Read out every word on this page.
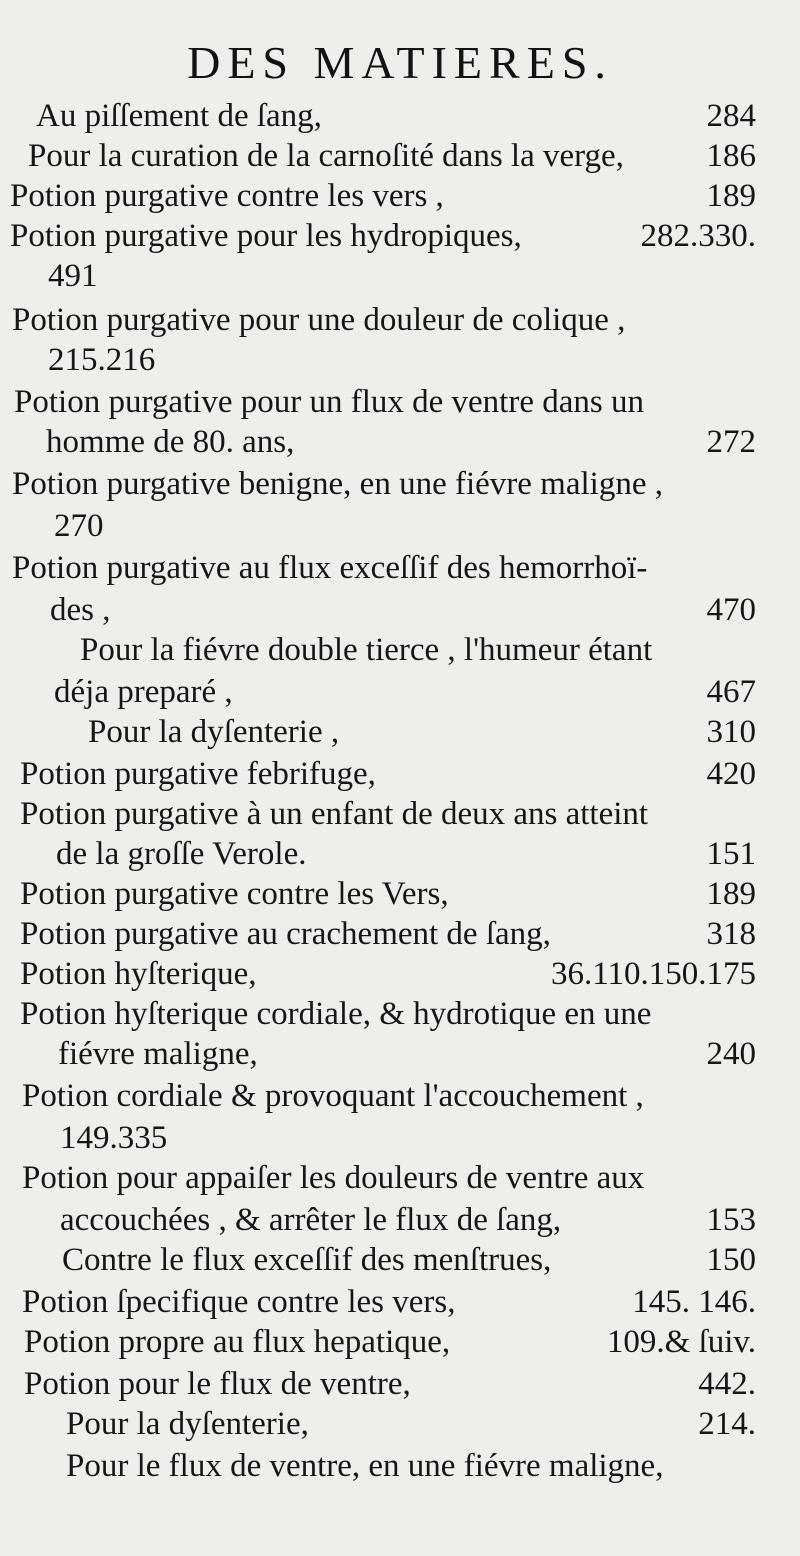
DES MATIERES.
Au piſſement de ſang,	284
Pour la curation de la carnoſité dans la verge,	186
Potion purgative contre les vers ,	189
Potion purgative pour les hydropiques,	282.330.
491
Potion purgative pour une douleur de colique ,
215.216
Potion purgative pour un flux de ventre dans un
homme de 80. ans,	272
Potion purgative benigne, en une fiévre maligne ,
270
Potion purgative au flux exceſſif des hemorrhoï-
des ,	470
Pour la fiévre double tierce , l'humeur étant
déja preparé ,	467
Pour la dyſenterie ,	310
Potion purgative febrifuge,	420
Potion purgative à un enfant de deux ans atteint
de la groſſe Verole.	151
Potion purgative contre les Vers,	189
Potion purgative au crachement de ſang,	318
Potion hyſterique,	36.110.150.175
Potion hyſterique cordiale, & hydrotique en une
fiévre maligne,	240
Potion cordiale & provoquant l'accouchement ,
149.335
Potion pour appaiſer les douleurs de ventre aux
accouchées , & arrêter le flux de ſang,	153
Contre le flux exceſſif des menſtrues,	150
Potion ſpecifique contre les vers,	145. 146.
Potion propre au flux hepatique,	109.& ſuiv.
Potion pour le flux de ventre,	442.
Pour la dyſenterie,	214.
Pour le flux de ventre, en une fiévre maligne,
